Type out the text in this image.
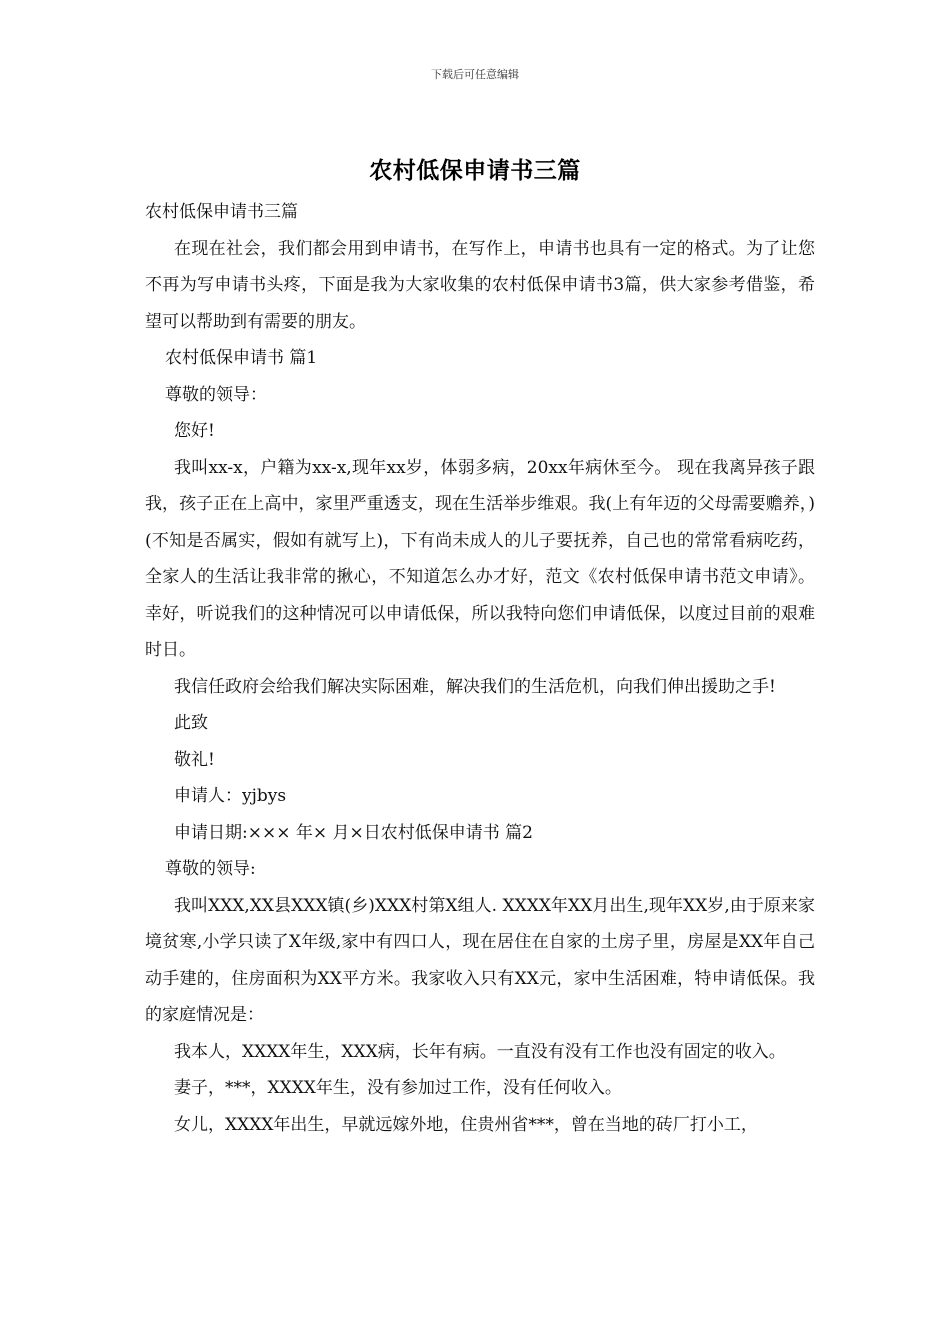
下载后可任意编辑
农村低保申请书三篇

农村低保申请书三篇

在现在社会，我们都会用到申请书，在写作上，申请书也具有一定的格式。为了让您不再为写申请书头疼，下面是我为大家收集的农村低保申请书3篇，供大家参考借鉴，希望可以帮助到有需要的朋友。

农村低保申请书 篇1

尊敬的领导：

您好!

我叫xx-x，户籍为xx-x,现年xx岁，体弱多病，20xx年病休至今。 现在我离异孩子跟我，孩子正在上高中，家里严重透支，现在生活举步维艰。我(上有年迈的父母需要赡养，)(不知是否属实，假如有就写上)，下有尚未成人的儿子要抚养，自己也的常常看病吃药，全家人的生活让我非常的揪心，不知道怎么办才好，范文《农村低保申请书范文申请》。幸好，听说我们的这种情况可以申请低保，所以我特向您们申请低保，以度过目前的艰难时日。

我信任政府会给我们解决实际困难，解决我们的生活危机，向我们伸出援助之手!

此致

敬礼!

申请人：yjbys

申请日期:××× 年× 月×日农村低保申请书 篇2

尊敬的领导:

我叫XXX,XX县XXX镇(乡)XXX村第X组人. XXXX年XX月出生,现年XX岁,由于原来家境贫寒,小学只读了X年级,家中有四口人，现在居住在自家的土房子里，房屋是XX年自己动手建的，住房面积为XX平方米。我家收入只有XX元，家中生活困难，特申请低保。我的家庭情况是：

我本人，XXXX年生，XXX病，长年有病。一直没有没有工作也没有固定的收入。

妻子，***，XXXX年生，没有参加过工作，没有任何收入。

女儿，XXXX年出生，早就远嫁外地，住贵州省***，曾在当地的砖厂打小工，
